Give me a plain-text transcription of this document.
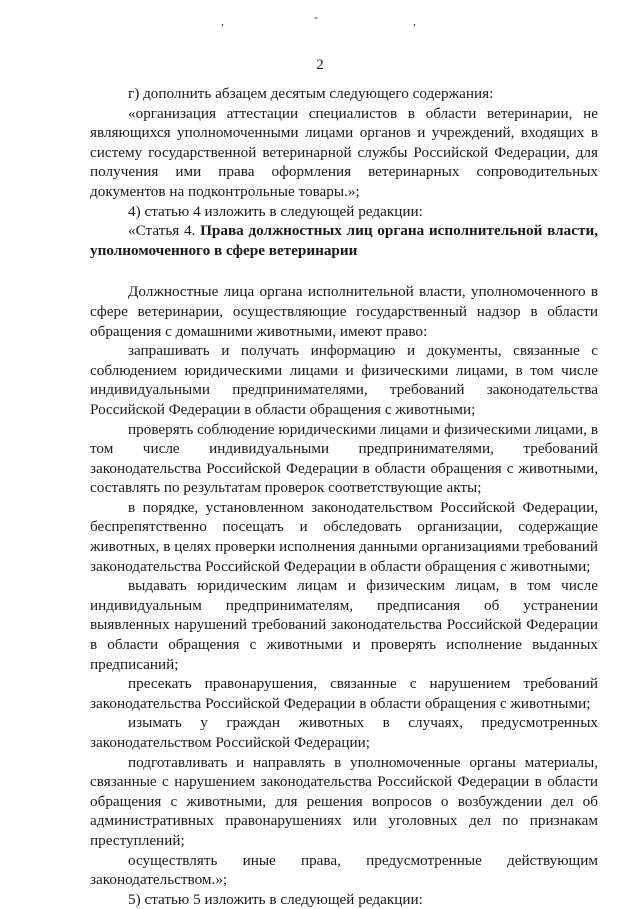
,	-	,
2

г) дополнить абзацем десятым следующего содержания:

«организация аттестации специалистов в области ветеринарии, не являющихся уполномоченными лицами органов и учреждений, входящих в систему государственной ветеринарной службы Российской Федерации, для получения ими права оформления ветеринарных сопроводительных документов на подконтрольные товары.»;

4) статью 4 изложить в следующей редакции:

«Статья 4. Права должностных лиц органа исполнительной власти, уполномоченного в сфере ветеринарии

Должностные лица органа исполнительной власти, уполномоченного в сфере ветеринарии, осуществляющие государственный надзор в области обращения с домашними животными, имеют право:

запрашивать и получать информацию и документы, связанные с соблюдением юридическими лицами и физическими лицами, в том числе индивидуальными предпринимателями, требований законодательства Российской Федерации в области обращения с животными;

проверять соблюдение юридическими лицами и физическими лицами, в том числе индивидуальными предпринимателями, требований законодательства Российской Федерации в области обращения с животными, составлять по результатам проверок соответствующие акты;

в порядке, установленном законодательством Российской Федерации, беспрепятственно посещать и обследовать организации, содержащие животных, в целях проверки исполнения данными организациями требований законодательства Российской Федерации в области обращения с животными;

выдавать юридическим лицам и физическим лицам, в том числе индивидуальным предпринимателям, предписания об устранении выявленных нарушений требований законодательства Российской Федерации в области обращения с животными и проверять исполнение выданных предписаний;

пресекать правонарушения, связанные с нарушением требований законодательства Российской Федерации в области обращения с животными;

изымать у граждан животных в случаях, предусмотренных законодательством Российской Федерации;

подготавливать и направлять в уполномоченные органы материалы, связанные с нарушением законодательства Российской Федерации в области обращения с животными, для решения вопросов о возбуждении дел об административных правонарушениях или уголовных дел по признакам преступлений;

осуществлять иные права, предусмотренные действующим законодательством.»;

5) статью 5 изложить в следующей редакции:
